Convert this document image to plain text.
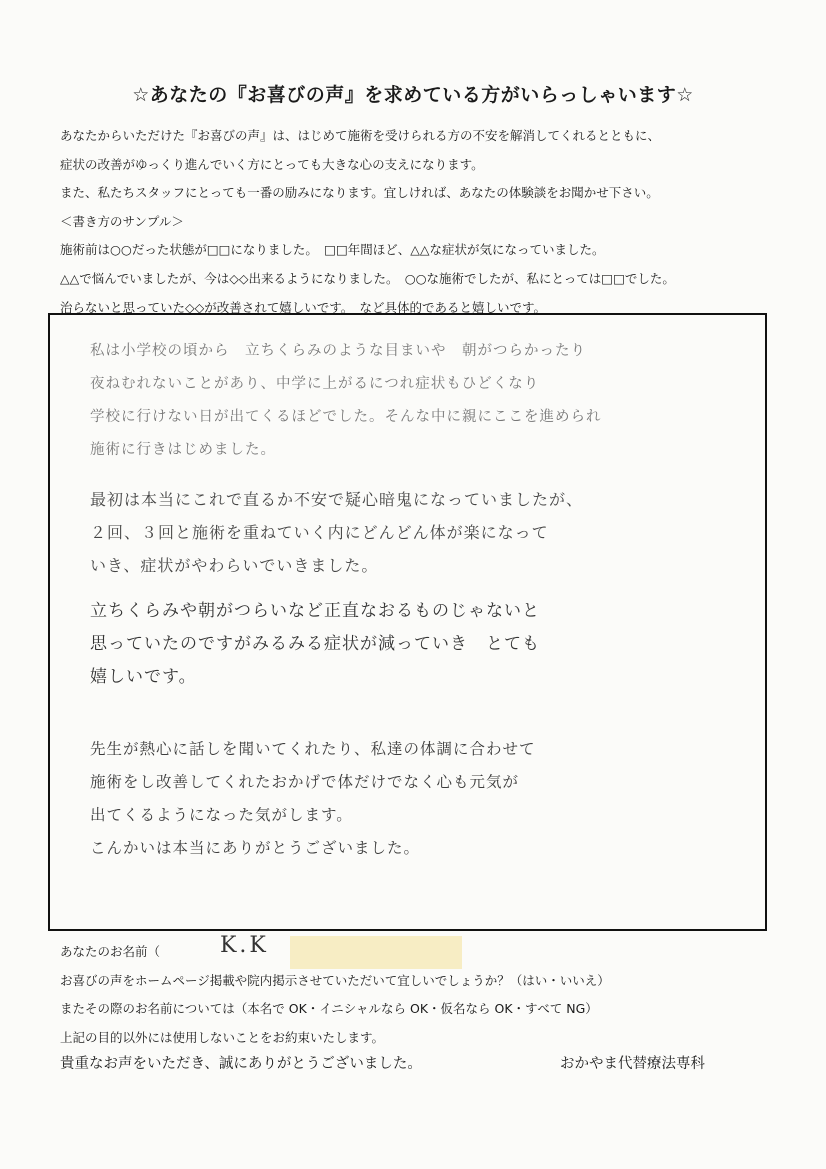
☆あなたの『お喜びの声』を求めている方がいらっしゃいます☆
あなたからいただけた『お喜びの声』は、はじめて施術を受けられる方の不安を解消してくれるとともに、
症状の改善がゆっくり進んでいく方にとっても大きな心の支えになります。
また、私たちスタッフにとっても一番の励みになります。宜しければ、あなたの体験談をお聞かせ下さい。
＜書き方のサンプル＞
施術前は○○だった状態が□□になりました。　□□年間ほど、△△な症状が気になっていました。
△△で悩んでいましたが、今は◇◇出来るようになりました。　○○な施術でしたが、私にとっては□□でした。
治らないと思っていた◇◇が改善されて嬉しいです。　など具体的であると嬉しいです。
私は小学校の頃から　立ちくらみのような目まいや　朝がつらかったり
夜ねむれないことがあり、中学に上がるにつれ症状もひどくなり
学校に行けない日が出てくるほどでした。そんな中に親にここを進められ
施術に行きはじめました。
最初は本当にこれで直るか不安で疑心暗鬼になっていましたが、
２回、３回と施術を重ねていく内にどんどん体が楽になって
いき、症状がやわらいでいきました。
立ちくらみや朝がつらいなど正直なおるものじゃないと
思っていたのですがみるみる症状が減っていき　とても
嬉しいです。
先生が熱心に話しを聞いてくれたり、私達の体調に合わせて
施術をし改善してくれたおかげで体だけでなく心も元気が
出てくるようになった気がします。
こんかいは本当にありがとうございました。
あなたのお名前（	K.K
お喜びの声をホームページ掲載や院内掲示させていただいて宜しいでしょうか？（はい・いいえ）
またその際のお名前については（本名で OK・イニシャルなら OK・仮名なら OK・すべて NG）
上記の目的以外には使用しないことをお約束いたします。
貴重なお声をいただき、誠にありがとうございました。	おかやま代替療法専科
